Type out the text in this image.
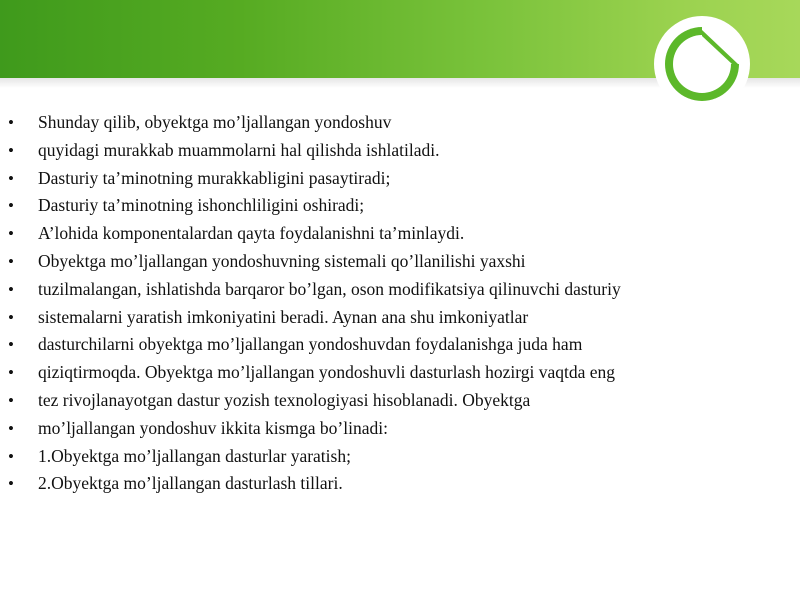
• Shunday qilib, obyektga mo’ljallangan yondoshuv
• quyidagi murakkab muammolarni hal qilishda ishlatiladi.
• Dasturiy ta’minotning murakkabligini pasaytiradi;
• Dasturiy ta’minotning ishonchliligini oshiradi;
• A’lohida komponentalardan qayta foydalanishni ta’minlaydi.
• Obyektga mo’ljallangan yondoshuvning sistemali qo’llanilishi yaxshi
• tuzilmalangan, ishlatishda barqaror bo’lgan, oson modifikatsiya qilinuvchi dasturiy
• sistemalarni yaratish imkoniyatini beradi. Aynan ana shu imkoniyatlar
• dasturchilarni obyektga mo’ljallangan yondoshuvdan foydalanishga juda ham
• qiziqtirmoqda. Obyektga mo’ljallangan yondoshuvli dasturlash hozirgi vaqtda eng
• tez rivojlanayotgan dastur yozish texnologiyasi hisoblanadi. Obyektga
• mo’ljallangan yondoshuv ikkita kismga bo’linadi:
• 1.Obyektga mo’ljallangan dasturlar yaratish;
• 2.Obyektga mo’ljallangan dasturlash tillari.
